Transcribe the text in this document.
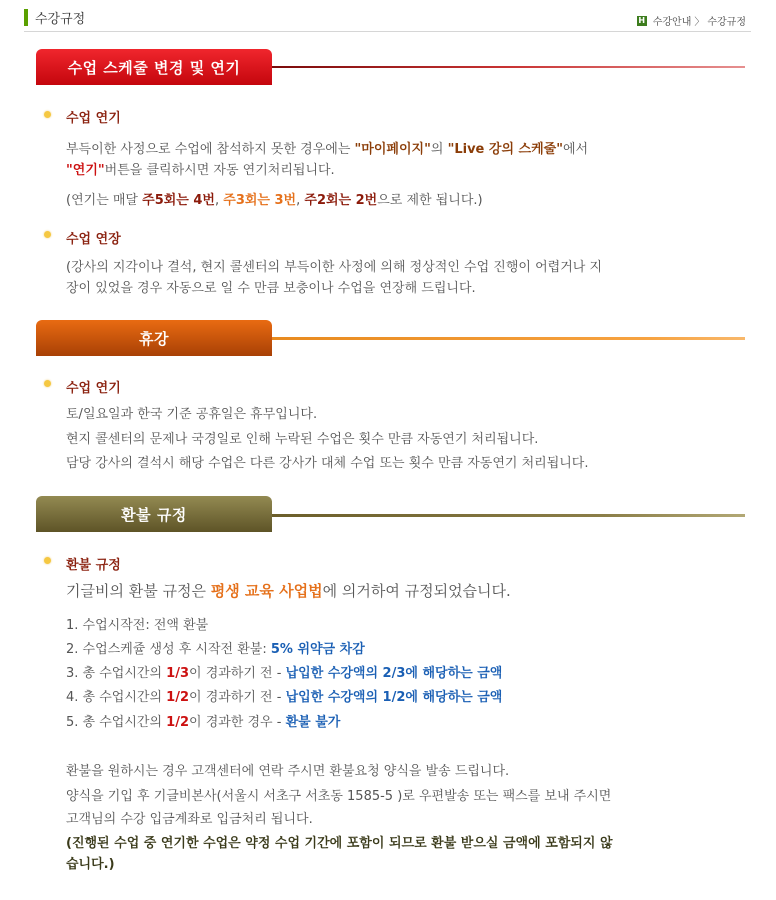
수강규정	H 수강안내 〉 수강규정
수업 스케줄 변경 및 연기
수업 연기
부득이한 사정으로 수업에 참석하지 못한 경우에는 "마이페이지"의 "Live 강의 스케줄"에서
"연기"버튼을 클릭하시면 자동 연기처리됩니다.
(연기는 매달 주5회는 4번, 주3회는 3번, 주2회는 2번으로 제한 됩니다.)
수업 연장
(강사의 지각이나 결석, 현지 콜센터의 부득이한 사정에 의해 정상적인 수업 진행이 어렵거나 지
장이 있었을 경우 자동으로 일 수 만큼 보충이나 수업을 연장해 드립니다.
휴강
수업 연기
토/일요일과 한국 기준 공휴일은 휴무입니다.
현지 콜센터의 문제나 국경일로 인해 누락된 수업은 횟수 만큼 자동연기 처리됩니다.
담당 강사의 결석시 해당 수업은 다른 강사가 대체 수업 또는 횟수 만큼 자동연기 처리됩니다.
환불 규정
환불 규정
기글비의 환불 규정은 평생 교육 사업법에 의거하여 규정되었습니다.
1. 수업시작전: 전액 환불
2. 수업스케쥴 생성 후 시작전 환불: 5% 위약금 차감
3. 총 수업시간의 1/3이 경과하기 전 - 납입한 수강액의 2/3에 해당하는 금액
4. 총 수업시간의 1/2이 경과하기 전 - 납입한 수강액의 1/2에 해당하는 금액
5. 총 수업시간의 1/2이 경과한 경우 - 환불 불가
환불을 원하시는 경우 고객센터에 연락 주시면 환불요청 양식을 발송 드립니다.
양식을 기입 후 기글비본사(서울시 서초구 서초동 1585-5 )로 우편발송 또는 팩스를 보내 주시면
고객님의 수강 입금계좌로 입금처리 됩니다.
(진행된 수업 중 연기한 수업은 약정 수업 기간에 포함이 되므로 환불 받으실 금액에 포함되지 않
습니다.)
